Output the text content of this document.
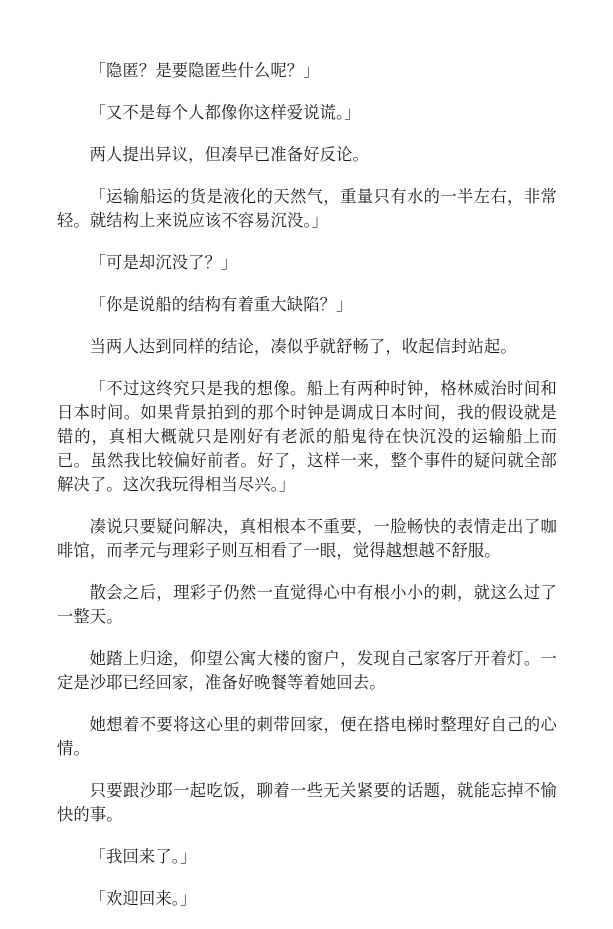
「隐匿？是要隐匿些什么呢？」

「又不是每个人都像你这样爱说谎。」

两人提出异议，但凑早已准备好反论。

「运输船运的货是液化的天然气，重量只有水的一半左右，非常轻。就结构上来说应该不容易沉没。」

「可是却沉没了？」

「你是说船的结构有着重大缺陷？」

当两人达到同样的结论，凑似乎就舒畅了，收起信封站起。

「不过这终究只是我的想像。船上有两种时钟，格林威治时间和日本时间。如果背景拍到的那个时钟是调成日本时间，我的假设就是错的，真相大概就只是刚好有老派的船鬼待在快沉没的运输船上而已。虽然我比较偏好前者。好了，这样一来，整个事件的疑问就全部解决了。这次我玩得相当尽兴。」

凑说只要疑问解决，真相根本不重要，一脸畅快的表情走出了咖啡馆，而孝元与理彩子则互相看了一眼，觉得越想越不舒服。

散会之后，理彩子仍然一直觉得心中有根小小的刺，就这么过了一整天。

她踏上归途，仰望公寓大楼的窗户，发现自己家客厅开着灯。一定是沙耶已经回家，准备好晚餐等着她回去。

她想着不要将这心里的刺带回家，便在搭电梯时整理好自己的心情。

只要跟沙耶一起吃饭，聊着一些无关紧要的话题，就能忘掉不愉快的事。

「我回来了。」

「欢迎回来。」
